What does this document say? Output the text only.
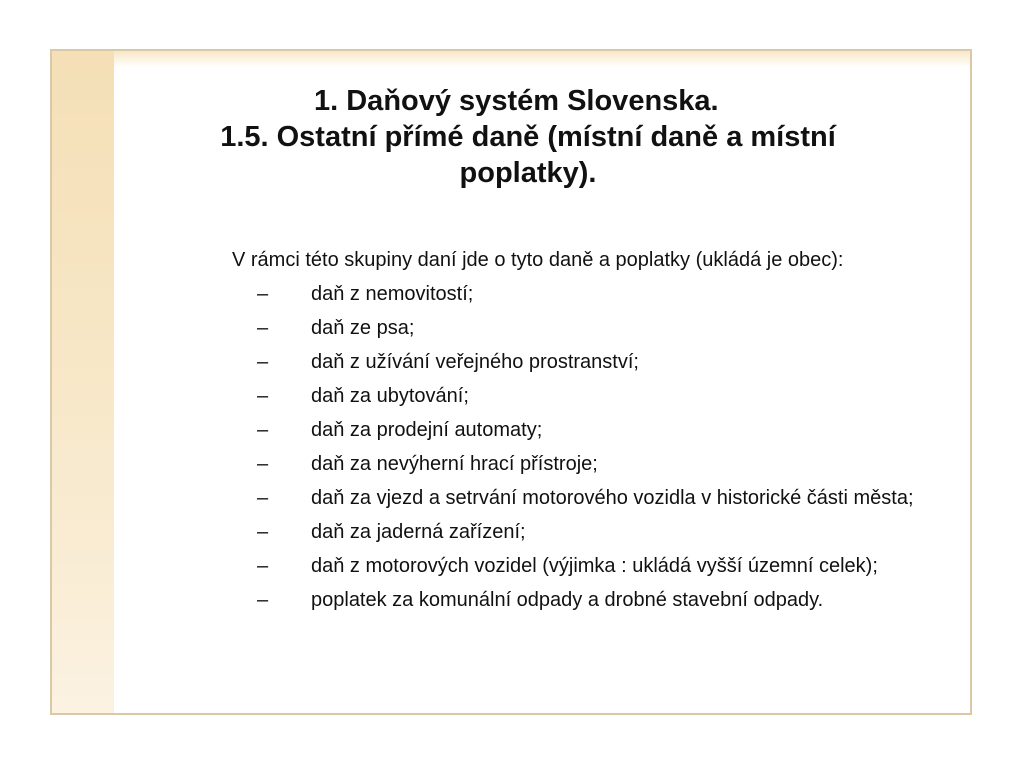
1. Daňový systém Slovenska.
1.5. Ostatní přímé daně (místní daně a místní poplatky).

V rámci této skupiny daní jde o tyto daně a poplatky (ukládá je obec):

– daň z nemovitostí;
– daň ze psa;
– daň z užívání veřejného prostranství;
– daň za ubytování;
– daň za prodejní automaty;
– daň za nevýherní hrací přístroje;
– daň za vjezd a setrvání motorového vozidla v historické části města;
– daň za jaderná zařízení;
– daň z motorových vozidel (výjimka : ukládá vyšší územní celek);
– poplatek za komunální odpady a drobné stavební odpady.
